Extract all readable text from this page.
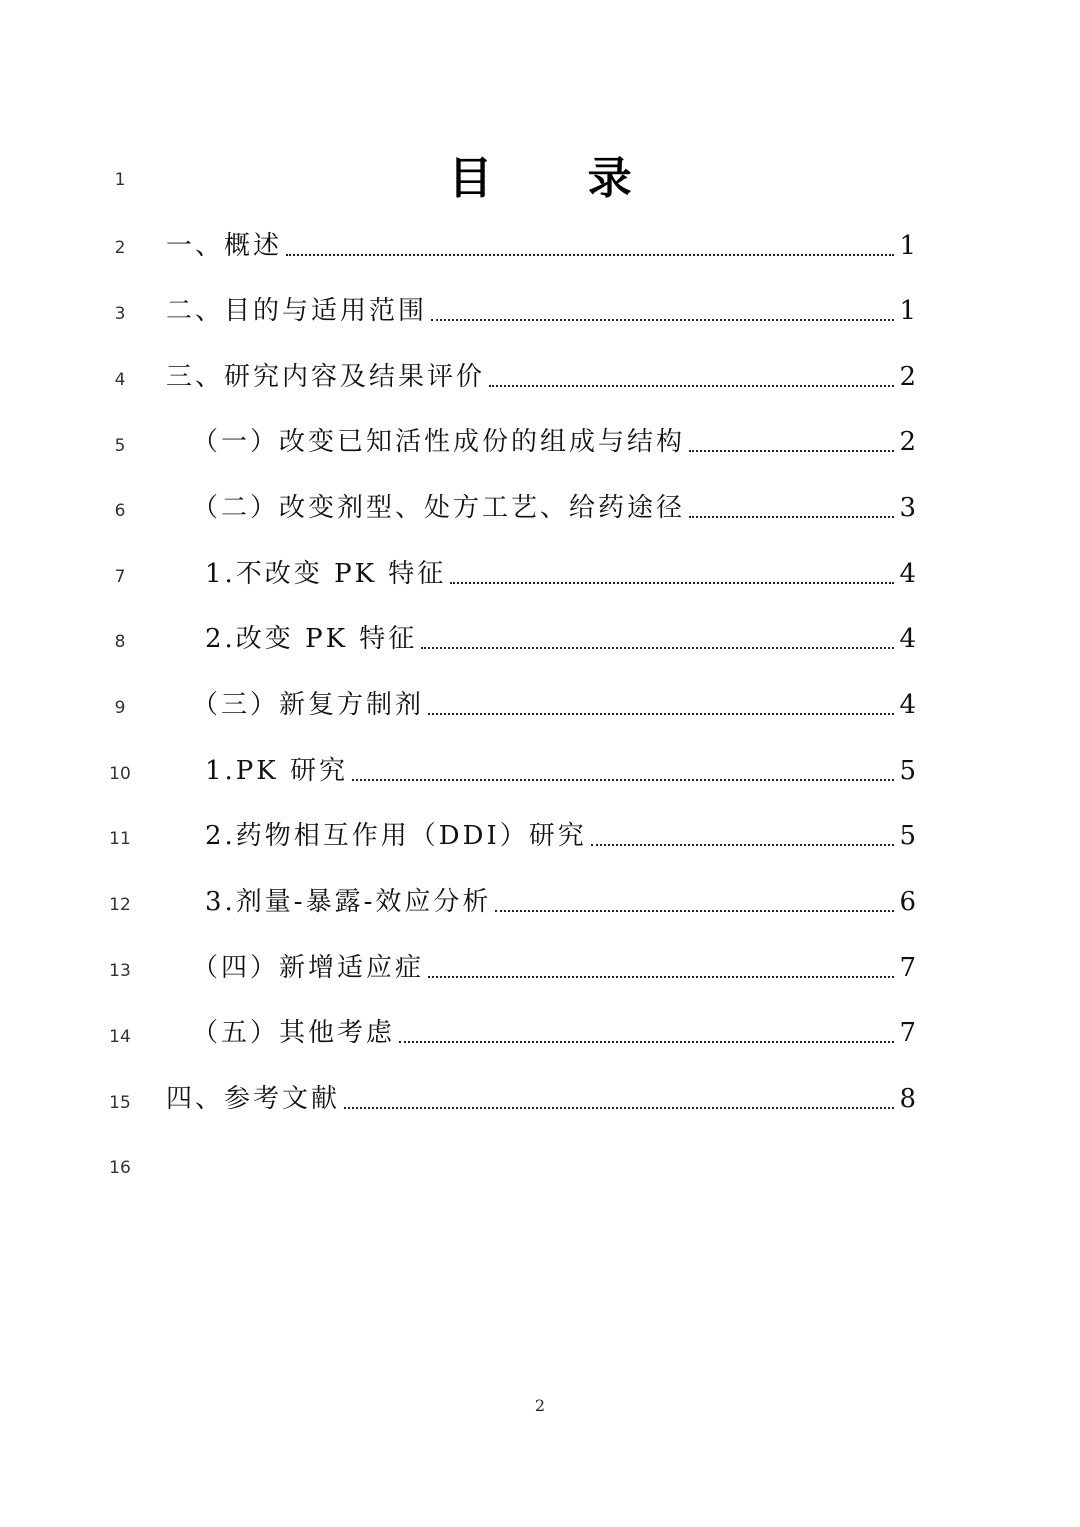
1
2
3
4
5
6
7
8
9
10
11
12
13
14
15
16
目 录
一、概述	1
二、目的与适用范围	1
三、研究内容及结果评价	2
（一）改变已知活性成份的组成与结构	2
（二）改变剂型、处方工艺、给药途径	3
1.不改变 PK 特征	4
2.改变 PK 特征	4
（三）新复方制剂	4
1.PK 研究	5
2.药物相互作用（DDI）研究	5
3.剂量-暴露-效应分析	6
（四）新增适应症	7
（五）其他考虑	7
四、参考文献	8
2
